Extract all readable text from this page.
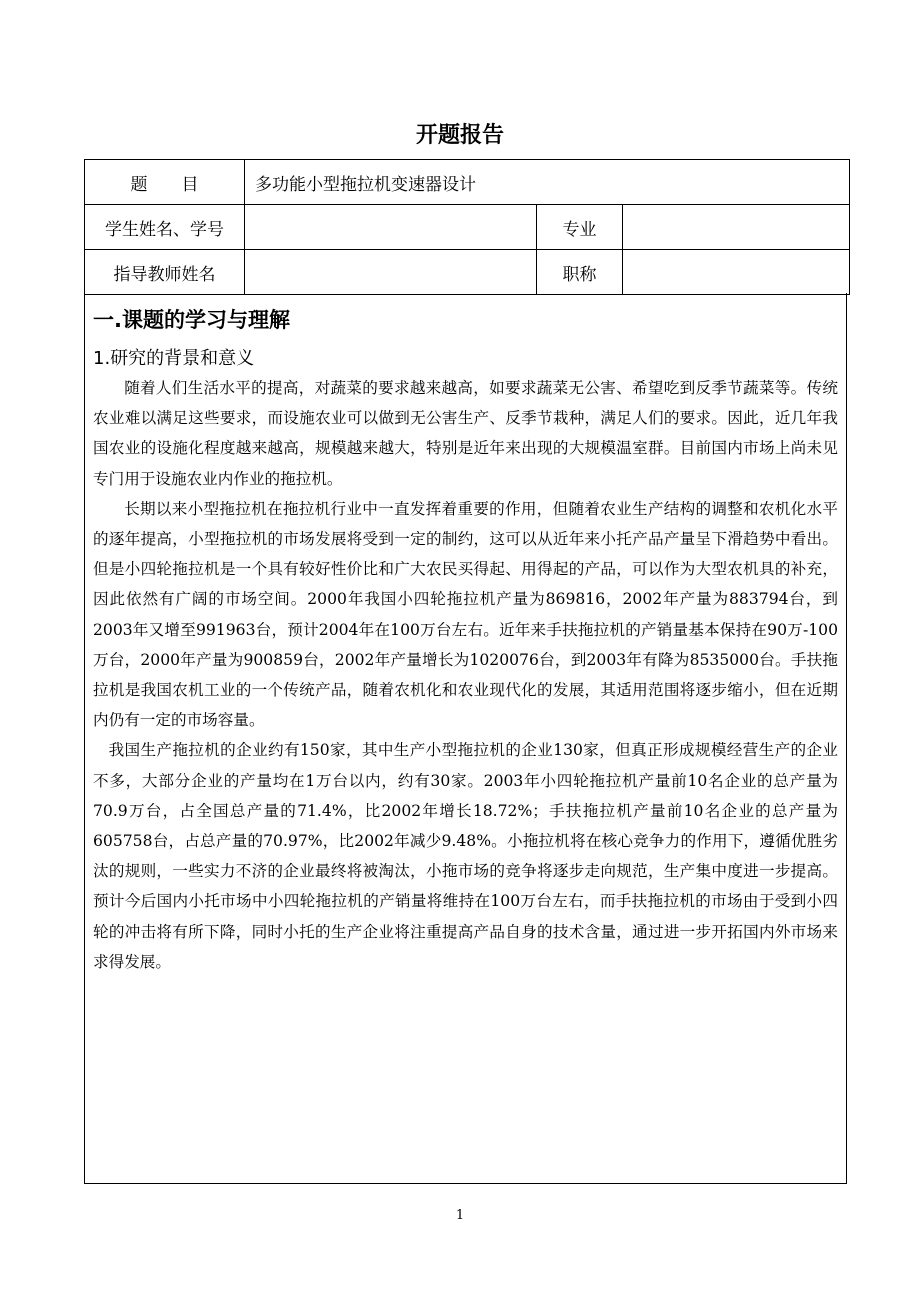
开题报告
题　　目	多功能小型拖拉机变速器设计		
学生姓名、学号		专业	
指导教师姓名		职称	
一.课题的学习与理解
1.研究的背景和意义

随着人们生活水平的提高，对蔬菜的要求越来越高，如要求蔬菜无公害、希望吃到反季节蔬菜等。传统农业难以满足这些要求，而设施农业可以做到无公害生产、反季节栽种，满足人们的要求。因此，近几年我国农业的设施化程度越来越高，规模越来越大，特别是近年来出现的大规模温室群。目前国内市场上尚未见专门用于设施农业内作业的拖拉机。

长期以来小型拖拉机在拖拉机行业中一直发挥着重要的作用，但随着农业生产结构的调整和农机化水平的逐年提高，小型拖拉机的市场发展将受到一定的制约，这可以从近年来小托产品产量呈下滑趋势中看出。但是小四轮拖拉机是一个具有较好性价比和广大农民买得起、用得起的产品，可以作为大型农机具的补充，因此依然有广阔的市场空间。2000年我国小四轮拖拉机产量为869816，2002年产量为883794台，到2003年又增至991963台，预计2004年在100万台左右。近年来手扶拖拉机的产销量基本保持在90万-100万台，2000年产量为900859台，2002年产量增长为1020076台，到2003年有降为8535000台。手扶拖拉机是我国农机工业的一个传统产品，随着农机化和农业现代化的发展，其适用范围将逐步缩小，但在近期内仍有一定的市场容量。

我国生产拖拉机的企业约有150家，其中生产小型拖拉机的企业130家，但真正形成规模经营生产的企业不多，大部分企业的产量均在1万台以内，约有30家。2003年小四轮拖拉机产量前10名企业的总产量为70.9万台，占全国总产量的71.4%，比2002年增长18.72%；手扶拖拉机产量前10名企业的总产量为605758台，占总产量的70.97%，比2002年减少9.48%。小拖拉机将在核心竞争力的作用下，遵循优胜劣汰的规则，一些实力不济的企业最终将被淘汰，小拖市场的竞争将逐步走向规范，生产集中度进一步提高。预计今后国内小托市场中小四轮拖拉机的产销量将维持在100万台左右，而手扶拖拉机的市场由于受到小四轮的冲击将有所下降，同时小托的生产企业将注重提高产品自身的技术含量，通过进一步开拓国内外市场来求得发展。

1
